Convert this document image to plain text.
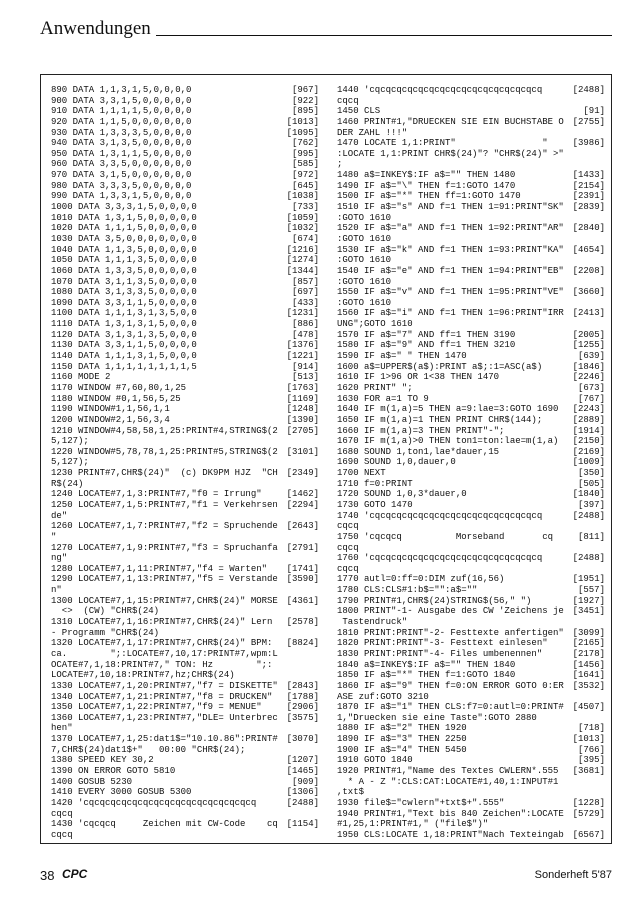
Anwendungen
890 DATA 1,1,3,1,5,0,0,0,0	[967]
900 DATA 3,3,1,5,0,0,0,0,0	[922]
910 DATA 1,1,1,1,5,0,0,0,0	[895]
920 DATA 1,1,5,0,0,0,0,0,0	[1013]
930 DATA 1,3,3,3,5,0,0,0,0	[1095]
940 DATA 3,1,3,5,0,0,0,0,0	[762]
950 DATA 1,3,1,1,5,0,0,0,0	[995]
960 DATA 3,3,5,0,0,0,0,0,0	[585]
970 DATA 3,1,5,0,0,0,0,0,0	[972]
980 DATA 3,3,3,5,0,0,0,0,0	[645]
990 DATA 1,3,3,1,5,0,0,0,0	[1038]
1000 DATA 3,3,3,1,5,0,0,0,0	[733]
1010 DATA 1,3,1,5,0,0,0,0,0	[1059]
1020 DATA 1,1,1,5,0,0,0,0,0	[1032]
1030 DATA 3,5,0,0,0,0,0,0,0	[674]
1040 DATA 1,1,3,5,0,0,0,0,0	[1216]
1050 DATA 1,1,1,3,5,0,0,0,0	[1274]
1060 DATA 1,3,3,5,0,0,0,0,0	[1344]
1070 DATA 3,1,1,3,5,0,0,0,0	[857]
1080 DATA 3,1,3,3,5,0,0,0,0	[697]
1090 DATA 3,3,1,1,5,0,0,0,0	[433]
1100 DATA 1,1,1,3,1,3,5,0,0	[1231]
1110 DATA 1,3,1,3,1,5,0,0,0	[886]
1120 DATA 3,1,3,1,3,5,0,0,0	[478]
1130 DATA 3,3,1,1,5,0,0,0,0	[1376]
1140 DATA 1,1,1,3,1,5,0,0,0	[1221]
1150 DATA 1,1,1,1,1,1,1,1,5	[914]
1160 MODE 2	[513]
1170 WINDOW #7,60,80,1,25	[1763]
1180 WINDOW #0,1,56,5,25	[1169]
1190 WINDOW#1,1,56,1,1	[1248]
1200 WINDOW#2,1,56,3,4	[1390]
1210 WINDOW#4,58,58,1,25:PRINT#4,STRING$(2 [2705]
5,127);
1220 WINDOW#5,78,78,1,25:PRINT#5,STRING$(2 [3101]
5,127);
1230 PRINT#7,CHR$(24)"  (c) DK9PM HJZ  "CH [2349]
R$(24)
1240 LOCATE#7,1,3:PRINT#7,"f0 = Irrung"	[1462]
1250 LOCATE#7,1,5:PRINT#7,"f1 = Verkehrsen [2294]
de"
1260 LOCATE#7,1,7:PRINT#7,"f2 = Spruchende [2643]
"
1270 LOCATE#7,1,9:PRINT#7,"f3 = Spruchanfa [2791]
ng"
1280 LOCATE#7,1,11:PRINT#7,"f4 = Warten" [1741]
1290 LOCATE#7,1,13:PRINT#7,"f5 = Verstande [3590]
n"
1300 LOCATE#7,1,15:PRINT#7,CHR$(24)" MORSE [4361]
<>  (CW) "CHR$(24)
1310 LOCATE#7,1,16:PRINT#7,CHR$(24)" Lern [2578]
- Programm "CHR$(24)
1320 LOCATE#7,1,17:PRINT#7,CHR$(24)" BPM: [8824]
ca.        ";:LOCATE#7,10,17:PRINT#7,wpm:L
OCATE#7,1,18:PRINT#7," TON: Hz        ";:
LOCATE#7,10,18:PRINT#7,hz;CHR$(24)
1330 LOCATE#7,1,20:PRINT#7,"f7 = DISKETTE" [2843]
1340 LOCATE#7,1,21:PRINT#7,"f8 = DRUCKEN" [1788]
1350 LOCATE#7,1,22:PRINT#7,"f9 = MENUE"	[2906]
1360 LOCATE#7,1,23:PRINT#7,"DLE= Unterbrec [3575]
hen"
1370 LOCATE#7,1,25:dat1$="10.10.86":PRINT# [3070]
7,CHR$(24)dat1$+"   00:00 "CHR$(24);
1380 SPEED KEY 30,2	[1207]
1390 ON ERROR GOTO 5810	[1465]
1400 GOSUB 5230	[909]
1410 EVERY 3000 GOSUB 5300	[1306]
1420 'cqcqcqcqcqcqcqcqcqcqcqcqcqcqcqcq	[2488]
cqcq
1430 'cqcqcq     Zeichen mit CW-Code    cq [1154]
cqcq
1440 'cqcqcqcqcqcqcqcqcqcqcqcqcqcqcqcq	[2488]
cqcq
1450 CLS	[91]
1460 PRINT#1,"DRUECKEN SIE EIN BUCHSTABE O [2755]
DER ZAHL !!!"
1470 LOCATE 1,1:PRINT"                "	[3986]
:LOCATE 1,1:PRINT CHR$(24)"? "CHR$(24)" >"
;
1480 a$=INKEY$:IF a$="" THEN 1480	[1433]
1490 IF a$="\" THEN f=1:GOTO 1470	[2154]
1500 IF a$="*" THEN ff=1:GOTO 1470	[2391]
1510 IF a$="s" AND f=1 THEN 1=91:PRINT"SK" [2839]
:GOTO 1610
1520 IF a$="a" AND f=1 THEN 1=92:PRINT"AR" [2840]
:GOTO 1610
1530 IF a$="k" AND f=1 THEN 1=93:PRINT"KA" [4654]
:GOTO 1610
1540 IF a$="e" AND f=1 THEN 1=94:PRINT"EB" [2208]
:GOTO 1610
1550 IF a$="v" AND f=1 THEN 1=95:PRINT"VE" [3660]
:GOTO 1610
1560 IF a$="i" AND f=1 THEN 1=96:PRINT"IRR [2413]
UNG";GOTO 1610
1570 IF a$="7" AND ff=1 THEN 3190	[2005]
1580 IF a$="9" AND ff=1 THEN 3210	[1255]
1590 IF a$=" " THEN 1470	[639]
1600 a$=UPPER$(a$):PRINT a$;:1=ASC(a$)	[1846]
1610 IF 1>96 OR 1<38 THEN 1470	[2246]
1620 PRINT" ";	[673]
1630 FOR a=1 TO 9	[767]
1640 IF m(1,a)=5 THEN a=9:lae=3:GOTO 1690 [2243]
1650 IF m(1,a)=1 THEN PRINT CHR$(144);	[2889]
1660 IF m(1,a)=3 THEN PRINT"-";	[1914]
1670 IF m(1,a)>0 THEN ton1=ton:lae=m(1,a) [2150]
1680 SOUND 1,ton1,lae*dauer,15	[2169]
1690 SOUND 1,0,dauer,0	[1009]
1700 NEXT	[350]
1710 f=0:PRINT	[505]
1720 SOUND 1,0,3*dauer,0	[1840]
1730 GOTO 1470	[397]
1740 'cqcqcqcqcqcqcqcqcqcqcqcqcqcqcqcq	[2488]
cqcq
1750 'cqcqcq          Morseband       cq	[811]
cqcq
1760 'cqcqcqcqcqcqcqcqcqcqcqcqcqcqcqcq	[2488]
cqcq
1770 autl=0:ff=0:DIM zuf(16,56)	[1951]
1780 CLS:CLS#1:b$="":a$=""	[557]
1790 PRINT#1,CHR$(24)STRING$(56," ")	[1927]
1800 PRINT"-1- Ausgabe des CW 'Zeichens je [3451]
Tastendruck"
1810 PRINT:PRINT"-2- Festtexte anfertigen" [3099]
1820 PRINT:PRINT"-3- Festtext einlesen"	[2165]
1830 PRINT:PRINT"-4- Files umbenennen"	[2178]
1840 a$=INKEY$:IF a$="" THEN 1840	[1456]
1850 IF a$="*" THEN f=1:GOTO 1840	[1641]
1860 IF a$="9" THEN f=0:ON ERROR GOTO 0:ER [3532]
ASE zuf:GOTO 3210
1870 IF a$="1" THEN CLS:f7=0:autl=0:PRINT# [4507]
1,"Druecken sie eine Taste":GOTO 2880
1880 IF a$="2" THEN 1920	[718]
1890 IF a$="3" THEN 2250	[1013]
1900 IF a$="4" THEN 5450	[766]
1910 GOTO 1840	[395]
1920 PRINT#1,"Name des Textes CWLERN*.555 [3681]
* A - Z ":CLS:CAT:LOCATE#1,40,1:INPUT#1
,txt$
1930 file$="cwlern"+txt$+".555"	[1228]
1940 PRINT#1,"Text bis 840 Zeichen":LOCATE [5729]
#1,25,1:PRINT#1," ("file$")"
1950 CLS:LOCATE 1,18:PRINT"Nach Texteingab [6567]
38 CPC	Sonderheft 5'87
